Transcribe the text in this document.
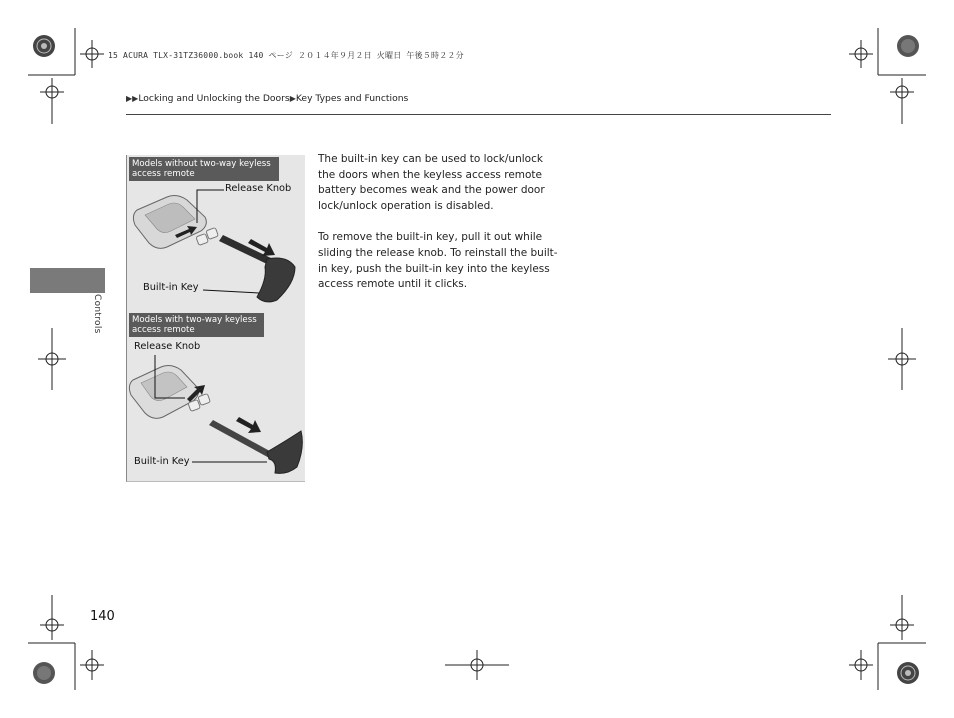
15 ACURA TLX-31TZ36000.book 140 ページ ２０１４年９月２日 火曜日 午後５時２２分
▶▶Locking and Unlocking the Doors▶Key Types and Functions
Controls
Models without two-way keyless access remote
Models with two-way keyless access remote
Release Knob
Built-in Key
Release Knob
Built-in Key

The built-in key can be used to lock/unlock the doors when the keyless access remote battery becomes weak and the power door lock/unlock operation is disabled.

To remove the built-in key, pull it out while sliding the release knob. To reinstall the built-in key, push the built-in key into the keyless access remote until it clicks.

140
